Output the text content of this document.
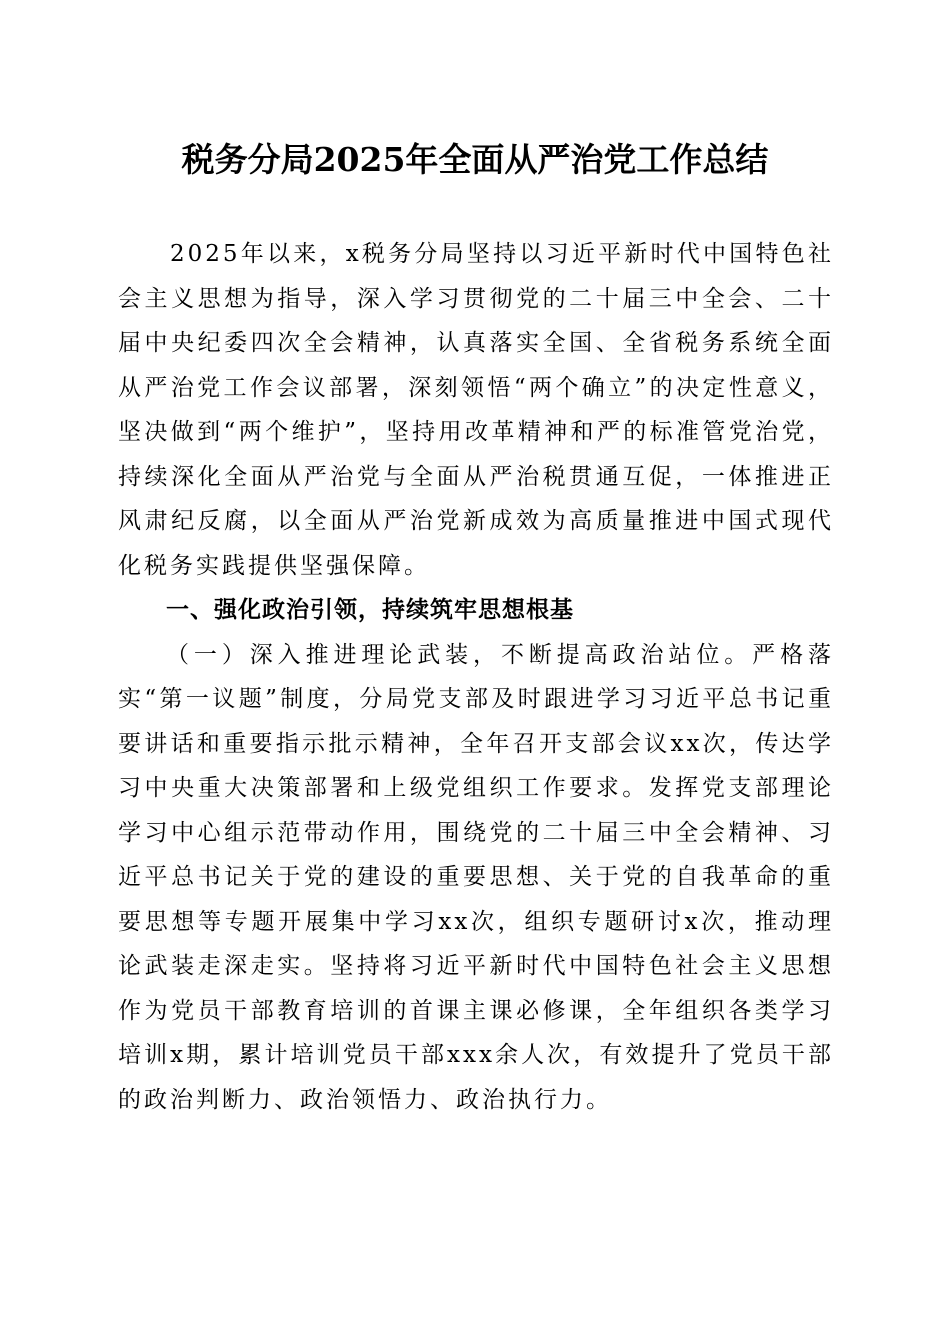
税务分局2025年全面从严治党工作总结

2025年以来，x税务分局坚持以习近平新时代中国特色社会主义思想为指导，深入学习贯彻党的二十届三中全会、二十届中央纪委四次全会精神，认真落实全国、全省税务系统全面从严治党工作会议部署，深刻领悟“两个确立”的决定性意义，坚决做到“两个维护”，坚持用改革精神和严的标准管党治党，持续深化全面从严治党与全面从严治税贯通互促，一体推进正风肃纪反腐，以全面从严治党新成效为高质量推进中国式现代化税务实践提供坚强保障。

一、强化政治引领，持续筑牢思想根基

（一）深入推进理论武装，不断提高政治站位。严格落实“第一议题”制度，分局党支部及时跟进学习习近平总书记重要讲话和重要指示批示精神，全年召开支部会议xx次，传达学习中央重大决策部署和上级党组织工作要求。发挥党支部理论学习中心组示范带动作用，围绕党的二十届三中全会精神、习近平总书记关于党的建设的重要思想、关于党的自我革命的重要思想等专题开展集中学习xx次，组织专题研讨x次，推动理论武装走深走实。坚持将习近平新时代中国特色社会主义思想作为党员干部教育培训的首课主课必修课，全年组织各类学习培训x期，累计培训党员干部xxx余人次，有效提升了党员干部的政治判断力、政治领悟力、政治执行力。
